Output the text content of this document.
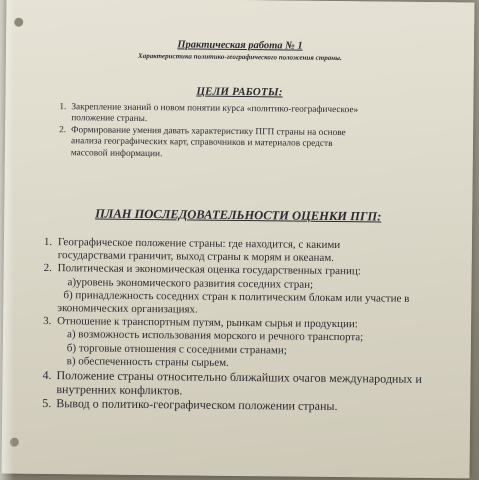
Практическая работа № 1
Характеристика политико-географического положения страны.
ЦЕЛИ РАБОТЫ:
1. Закрепление знаний о новом понятии курса «политико-географическое»
положение страны.
2. Формирование умения давать характеристику ПГП страны на основе
анализа географических карт, справочников и материалов средств
массовой информации.
ПЛАН ПОСЛЕДОВАТЕЛЬНОСТИ ОЦЕНКИ ПГП:
1. Географическое положение страны: где находится, с какими
государствами граничит, выход страны к морям и океанам.
2. Политическая и экономическая оценка государственных границ:
а)уровень экономического развития соседних стран;
б) принадлежность соседних стран к политическим блокам или участие в
экономических организациях.
3. Отношение к транспортным путям, рынкам сырья и продукции:
а) возможность использования морского и речного транспорта;
б) торговые отношения с соседними странами;
в) обеспеченность страны сырьем.
4. Положение страны относительно ближайших очагов международных и
внутренних конфликтов.
5. Вывод о политико-географическом положении страны.
